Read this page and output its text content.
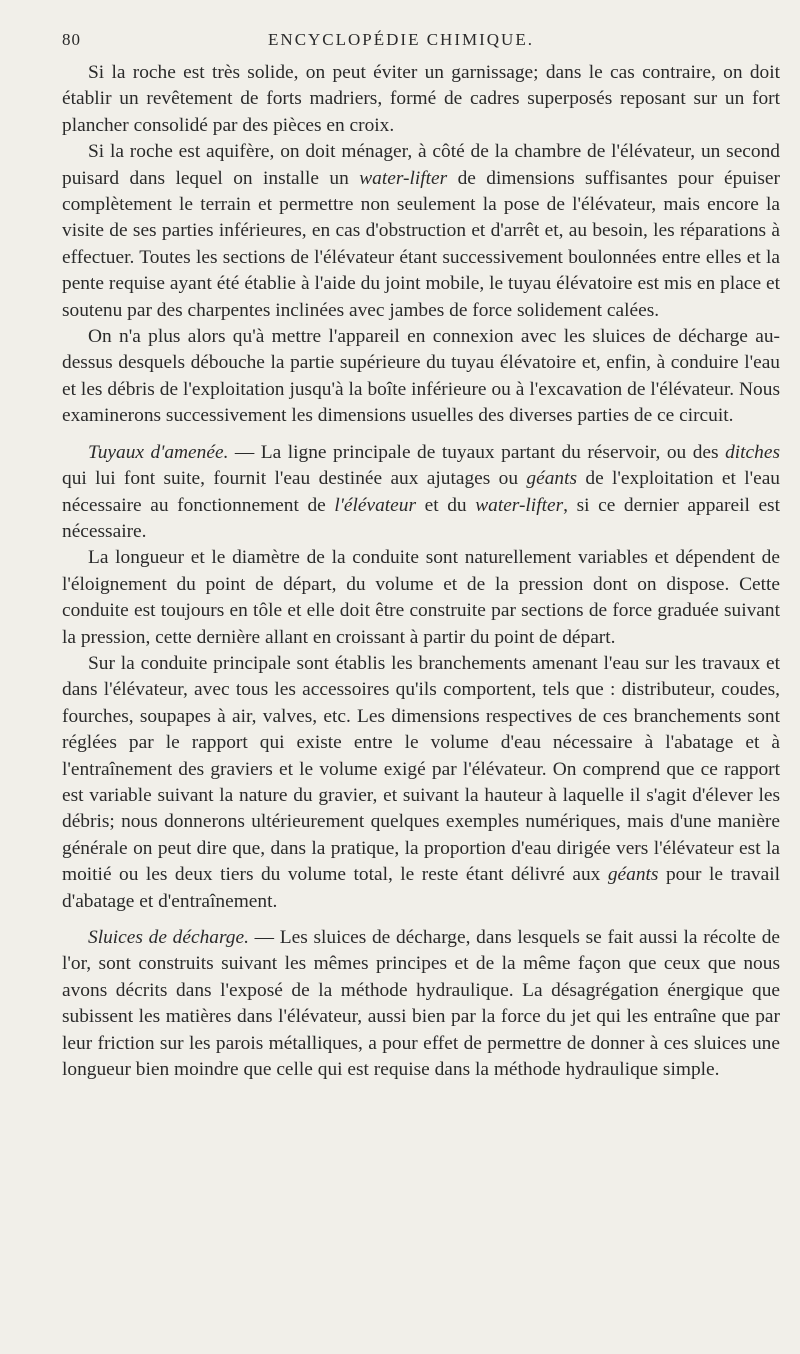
80	ENCYCLOPÉDIE CHIMIQUE.

Si la roche est très solide, on peut éviter un garnissage; dans le cas contraire, on doit établir un revêtement de forts madriers, formé de cadres superposés reposant sur un fort plancher consolidé par des pièces en croix.

Si la roche est aquifère, on doit ménager, à côté de la chambre de l'élévateur, un second puisard dans lequel on installe un water-lifter de dimensions suffisantes pour épuiser complètement le terrain et permettre non seulement la pose de l'élévateur, mais encore la visite de ses parties inférieures, en cas d'obstruction et d'arrêt et, au besoin, les réparations à effectuer. Toutes les sections de l'élévateur étant successivement boulonnées entre elles et la pente requise ayant été établie à l'aide du joint mobile, le tuyau élévatoire est mis en place et soutenu par des charpentes inclinées avec jambes de force solidement calées.

On n'a plus alors qu'à mettre l'appareil en connexion avec les sluices de décharge au-dessus desquels débouche la partie supérieure du tuyau élévatoire et, enfin, à conduire l'eau et les débris de l'exploitation jusqu'à la boîte inférieure ou à l'excavation de l'élévateur. Nous examinerons successivement les dimensions usuelles des diverses parties de ce circuit.

Tuyaux d'amenée. — La ligne principale de tuyaux partant du réservoir, ou des ditches qui lui font suite, fournit l'eau destinée aux ajutages ou géants de l'exploitation et l'eau nécessaire au fonctionnement de l'élévateur et du water-lifter, si ce dernier appareil est nécessaire.

La longueur et le diamètre de la conduite sont naturellement variables et dépendent de l'éloignement du point de départ, du volume et de la pression dont on dispose. Cette conduite est toujours en tôle et elle doit être construite par sections de force graduée suivant la pression, cette dernière allant en croissant à partir du point de départ.

Sur la conduite principale sont établis les branchements amenant l'eau sur les travaux et dans l'élévateur, avec tous les accessoires qu'ils comportent, tels que : distributeur, coudes, fourches, soupapes à air, valves, etc. Les dimensions respectives de ces branchements sont réglées par le rapport qui existe entre le volume d'eau nécessaire à l'abatage et à l'entraînement des graviers et le volume exigé par l'élévateur. On comprend que ce rapport est variable suivant la nature du gravier, et suivant la hauteur à laquelle il s'agit d'élever les débris; nous donnerons ultérieurement quelques exemples numériques, mais d'une manière générale on peut dire que, dans la pratique, la proportion d'eau dirigée vers l'élévateur est la moitié ou les deux tiers du volume total, le reste étant délivré aux géants pour le travail d'abatage et d'entraînement.

Sluices de décharge. — Les sluices de décharge, dans lesquels se fait aussi la récolte de l'or, sont construits suivant les mêmes principes et de la même façon que ceux que nous avons décrits dans l'exposé de la méthode hydraulique. La désagrégation énergique que subissent les matières dans l'élévateur, aussi bien par la force du jet qui les entraîne que par leur friction sur les parois métalliques, a pour effet de permettre de donner à ces sluices une longueur bien moindre que celle qui est requise dans la méthode hydraulique simple.
